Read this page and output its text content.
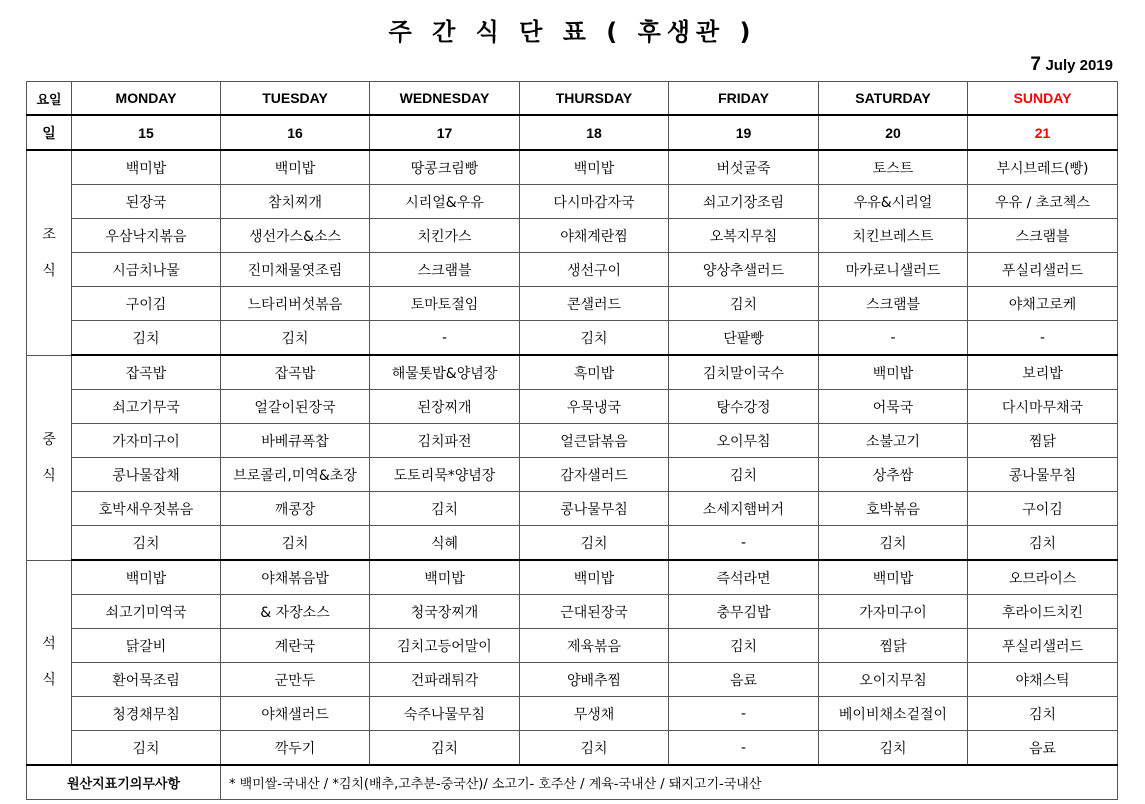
주 간 식 단 표 ( 후생관 )
7 July 2019
요일	MONDAY	TUESDAY	WEDNESDAY	THURSDAY	FRIDAY	SATURDAY	SUNDAY
일	15	16	17	18	19	20	21

조
식	백미밥	백미밥	땅콩크림빵	백미밥	버섯굴죽	토스트	부시브레드(빵)
	된장국	참치찌개	시리얼&우유	다시마감자국	쇠고기장조림	우유&시리얼	우유 / 초코첵스
	우삼낙지볶음	생선가스&소스	치킨가스	야채계란찜	오복지무침	치킨브레스트	스크램블
	시금치나물	진미채물엿조림	스크램블	생선구이	양상추샐러드	마카로니샐러드	푸실리샐러드
	구이김	느타리버섯볶음	토마토절임	콘샐러드	김치	스크램블	야채고로케
	김치	김치	-	김치	단팥빵	-	-

중
식	잡곡밥	잡곡밥	해물톳밥&양념장	흑미밥	김치말이국수	백미밥	보리밥
	쇠고기무국	얼갈이된장국	된장찌개	우묵냉국	탕수강정	어묵국	다시마무채국
	가자미구이	바베큐폭찹	김치파전	얼큰닭볶음	오이무침	소불고기	찜닭
	콩나물잡채	브로콜리,미역&초장	도토리묵*양념장	감자샐러드	김치	상추쌈	콩나물무침
	호박새우젓볶음	깨콩장	김치	콩나물무침	소세지햄버거	호박볶음	구이김
	김치	김치	식혜	김치	-	김치	김치

석
식	백미밥	야채볶음밥	백미밥	백미밥	즉석라면	백미밥	오므라이스
	쇠고기미역국	& 자장소스	청국장찌개	근대된장국	충무김밥	가자미구이	후라이드치킨
	닭갈비	계란국	김치고등어말이	제육볶음	김치	찜닭	푸실리샐러드
	환어묵조림	군만두	건파래튀각	양배추찜	음료	오이지무침	야채스틱
	청경채무침	야채샐러드	숙주나물무침	무생채	-	베이비채소겉절이	김치
	김치	깍두기	김치	김치	-	김치	음료
원산지표기의무사항		* 백미쌀-국내산 / *김치(배추,고추분-중국산)/ 소고기- 호주산 / 계육-국내산 / 돼지고기-국내산					
